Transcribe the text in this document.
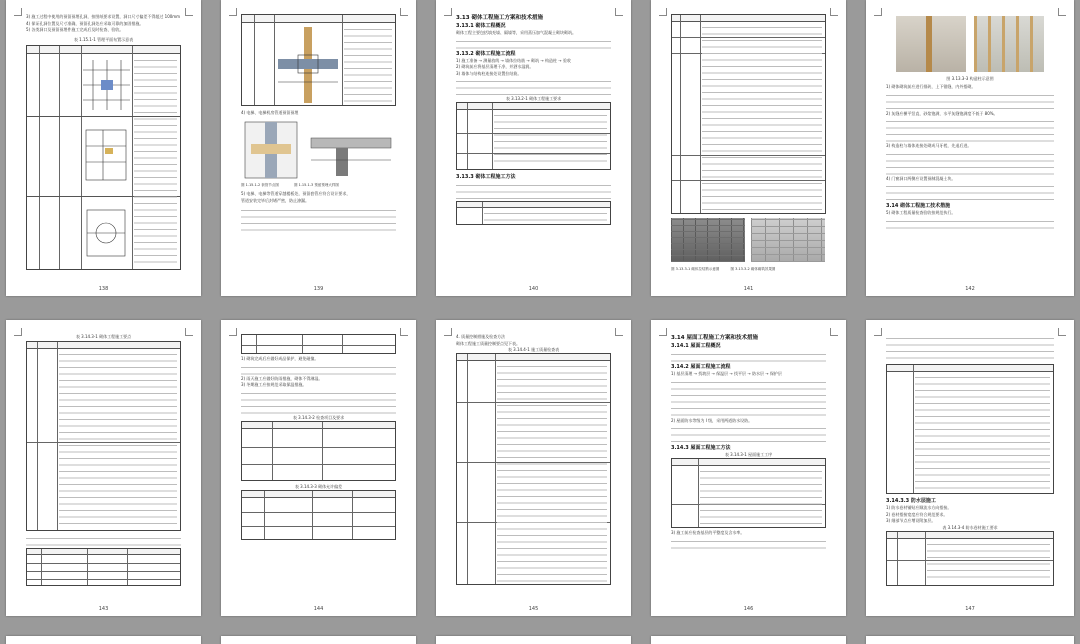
3) 施工过程中使用的预留预埋孔洞，按图纸要求设置，洞口尺寸偏差不得超过 100mm
4) 保证孔洞位置及尺寸准确，预留孔洞处应采取可靠的加固措施。
5) 各类洞口及预留预埋件施工完成后及时检查、验收。
表 1.15.1-1 管理平面布置示意表
138
4) 电梯、电梯机房管道预留预埋
图 1.15.1-2 套管节点图	图 1.15.1-3 预留预埋大样图
5) 电梯、电梯等管道穿越楼板处，预留套管应符合设计要求，
管道安装完毕后封堵严密，防止渗漏。
139
3.13 砌体工程施工方案和技术措施
3.13.1 砌体工程概况
砌体工程主要包括填充墙、隔墙等，采用蒸压加气混凝土砌块砌筑。
3.13.2 砌体工程施工流程
1) 施工准备 → 测量放线 → 墙体拉结筋 → 砌筑 → 构造柱 → 验收
2) 砌筑前应将基层清理干净，并洒水湿润。
3) 墙体与结构柱连接处设置拉结筋。
表 3.13.2-1 砌体工程施工要求
3.13.3 砌体工程施工方法
140
图 3.13.3-1 砌体拉结筋示意图	图 3.13.3-2 砌体砌筑效果图
141
图 3.13.3-3 构造柱示意图
1) 砌体砌筑前应进行排砖，上下错缝，内外搭砌。
2) 灰缝应横平竖直，砂浆饱满，水平灰缝饱满度不低于 80%。
3) 构造柱与墙体连接处砌成马牙槎，先退后进。
4) 门窗洞口两侧应设置预制混凝土块。
3.14 砌体工程施工技术措施
5) 砌体工程质量检查验收按规范执行。
142
表 3.14.3-1 砌体工程施工要点
143
1) 砌筑完成后应做好成品保护，避免碰撞。
2) 雨天施工应做好防雨措施，砌体不得淋湿。
3) 冬期施工应按规范采取保温措施。
表 3.14.3-2 检查项目及要求
表 3.14.3-3 砌体允许偏差
144
4. 质量控制措施及检查方法
砌体工程施工质量控制要点见下表。
表 3.14.4-1 施工质量检查表
145
3.14 屋面工程施工方案和技术措施
3.14.1 屋面工程概况
3.14.2 屋面工程施工流程
1) 基层清理 → 找坡层 → 保温层 → 找平层 → 防水层 → 保护层
2) 屋面防水等级为 I 级，采用两道防水设防。
3.14.3 屋面工程施工方法
表 3.14.3-1 屋面施工工序
3) 施工前应检查基层的平整度及含水率。
146
3.14.3.3 防水层施工
1) 防水卷材铺贴应顺流水方向搭接。
2) 卷材搭接宽度应符合规范要求。
3) 细部节点应增设附加层。
表 3.14.3-4 防水卷材施工要求
147
